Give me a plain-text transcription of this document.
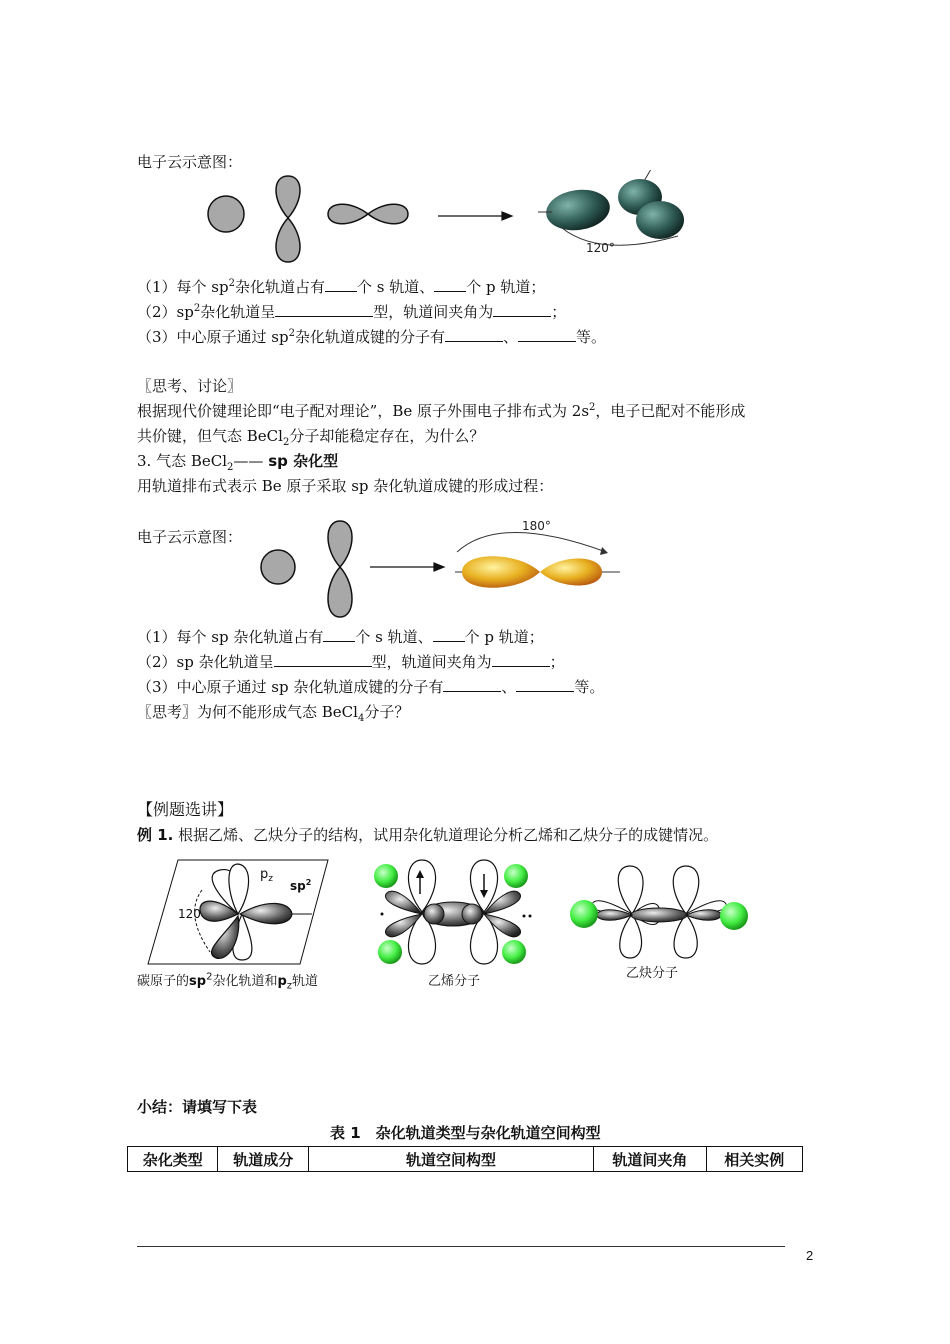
电子云示意图：
120°
（1）每个 $sp^2$杂化轨道占有 个 s 轨道、 个 p 轨道；
$(2)sp^2$杂化轨道呈	型，轨道间夹角为	；
（3）中心原子通过 $sp^2$杂化轨道成键的分子有	、	等。
〖思考、讨论〗
根据现代价键理论即“电子配对理论”，Be 原子外围电子排布式为 $2s^2$，电子已配对不能形成
共价键，但气态 BeCl$_2$分子却能稳定存在，为什么？
3. 气态 BeCl$_2$—— sp 杂化型
用轨道排布式表示 Be 原子采取 sp 杂化轨道成键的形成过程：
电子云示意图：
180°
（1）每个 sp 杂化轨道占有 个 s 轨道、 个 p 轨道；
（2）sp 杂化轨道呈	型，轨道间夹角为	；
（3）中心原子通过 sp 杂化轨道成键的分子有	、	等。
〖思考〗为何不能形成气态 BeCl$_4$分子？
【例题选讲】
例 1. 根据乙烯、乙炔分子的结构，试用杂化轨道理论分析乙烯和乙炔分子的成键情况。
120
$p_z$ $sp^2$
碳原子的$sp^2$杂化轨道和$p_z$轨道	乙烯分子
乙炔分子
小结：请填写下表
表 1　杂化轨道类型与杂化轨道空间构型
杂化类型	轨道成分	轨道空间构型	轨道间夹角	相关实例
2
